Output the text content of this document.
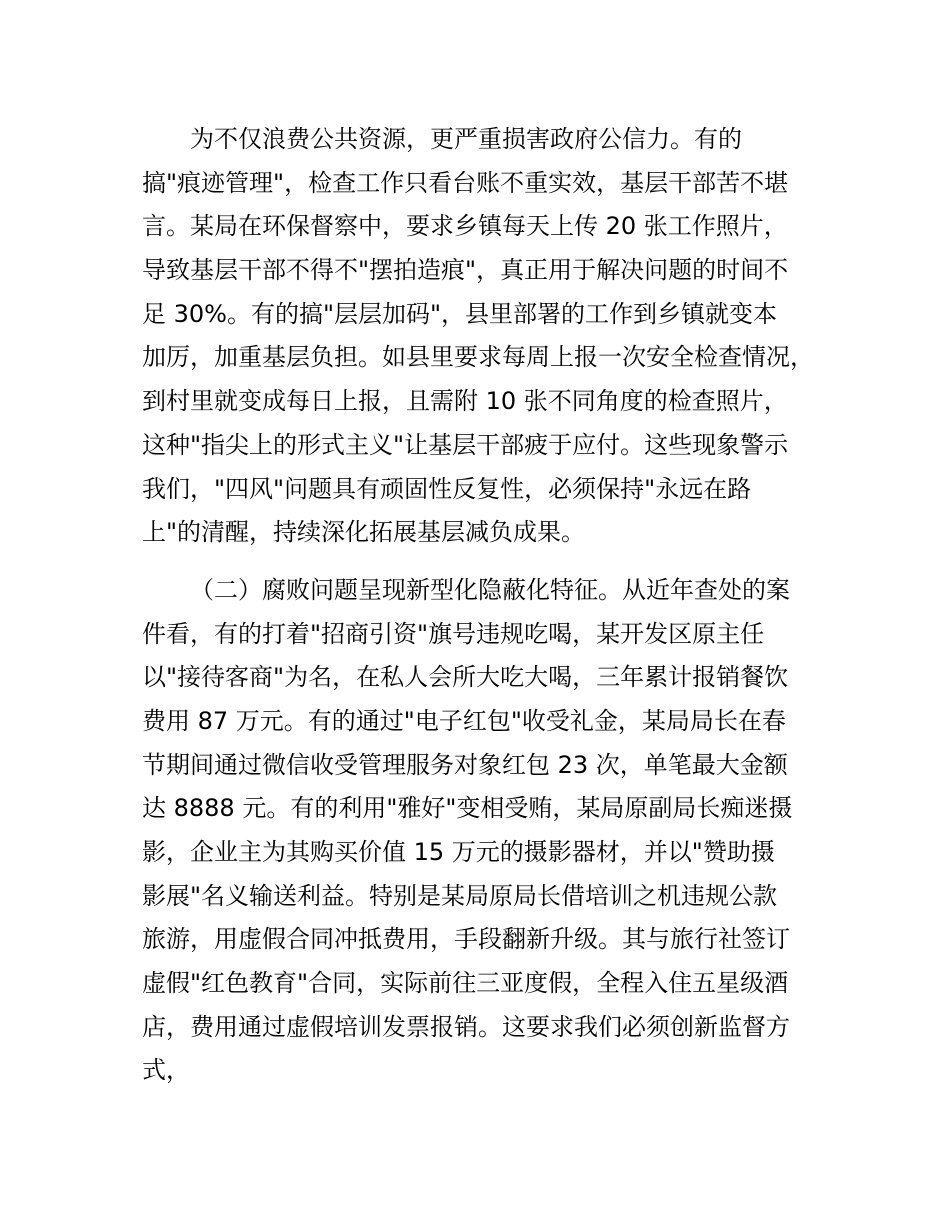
为不仅浪费公共资源，更严重损害政府公信力。有的
搞"痕迹管理"，检查工作只看台账不重实效，基层干部苦不堪
言。某局在环保督察中，要求乡镇每天上传 20 张工作照片，
导致基层干部不得不"摆拍造痕"，真正用于解决问题的时间不
足 30%。有的搞"层层加码"，县里部署的工作到乡镇就变本
加厉，加重基层负担。如县里要求每周上报一次安全检查情况，
到村里就变成每日上报，且需附 10 张不同角度的检查照片，
这种"指尖上的形式主义"让基层干部疲于应付。这些现象警示
我们，"四风"问题具有顽固性反复性，必须保持"永远在路
上"的清醒，持续深化拓展基层减负成果。
（二）腐败问题呈现新型化隐蔽化特征。从近年查处的案
件看，有的打着"招商引资"旗号违规吃喝，某开发区原主任
以"接待客商"为名，在私人会所大吃大喝，三年累计报销餐饮
费用 87 万元。有的通过"电子红包"收受礼金，某局局长在春
节期间通过微信收受管理服务对象红包 23 次，单笔最大金额
达 8888 元。有的利用"雅好"变相受贿，某局原副局长痴迷摄
影，企业主为其购买价值 15 万元的摄影器材，并以"赞助摄
影展"名义输送利益。特别是某局原局长借培训之机违规公款
旅游，用虚假合同冲抵费用，手段翻新升级。其与旅行社签订
虚假"红色教育"合同，实际前往三亚度假，全程入住五星级酒
店，费用通过虚假培训发票报销。这要求我们必须创新监督方
式，
